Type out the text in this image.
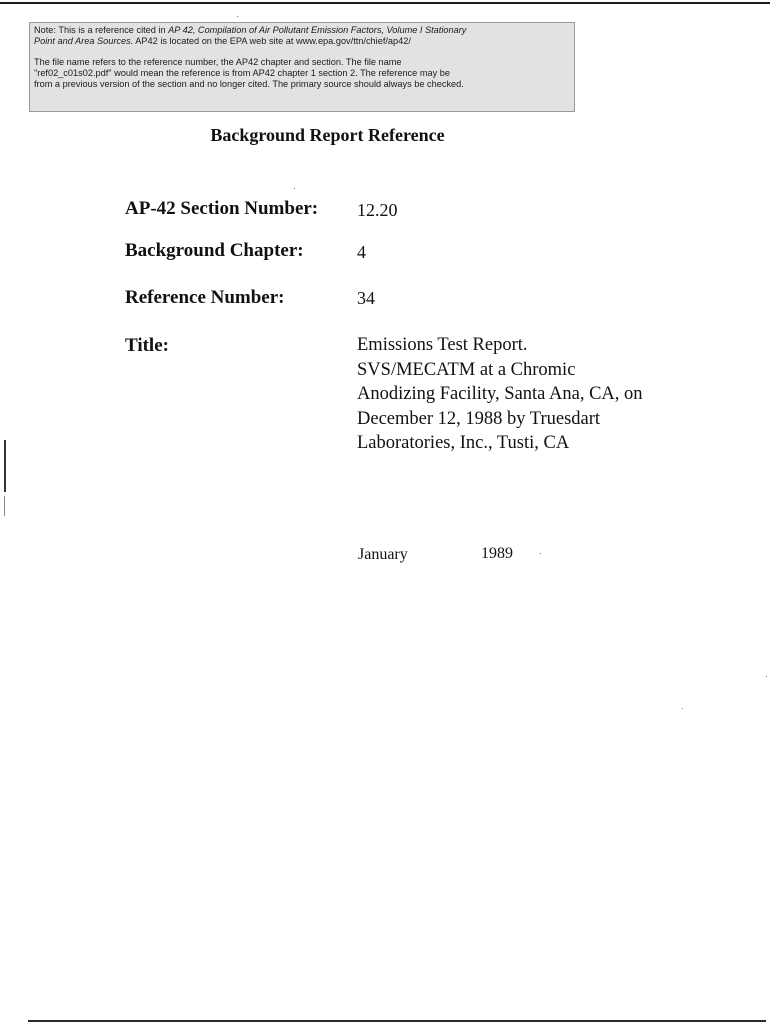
Note: This is a reference cited in AP 42, Compilation of Air Pollutant Emission Factors, Volume I Stationary
Point and Area Sources. AP42 is located on the EPA web site at www.epa.gov/ttn/chief/ap42/

The file name refers to the reference number, the AP42 chapter and section. The file name
"ref02_c01s02.pdf" would mean the reference is from AP42 chapter 1 section 2. The reference may be
from a previous version of the section and no longer cited. The primary source should always be checked.

Background Report Reference
AP-42 Section Number: 12.20
Background Chapter:	4
Reference Number:	34
Title:	Emissions Test Report.
SVS/MECATM at a Chromic
Anodizing Facility, Santa Ana, CA, on
December 12, 1988 by Truesdart
Laboratories, Inc., Tusti, CA
January	1989
